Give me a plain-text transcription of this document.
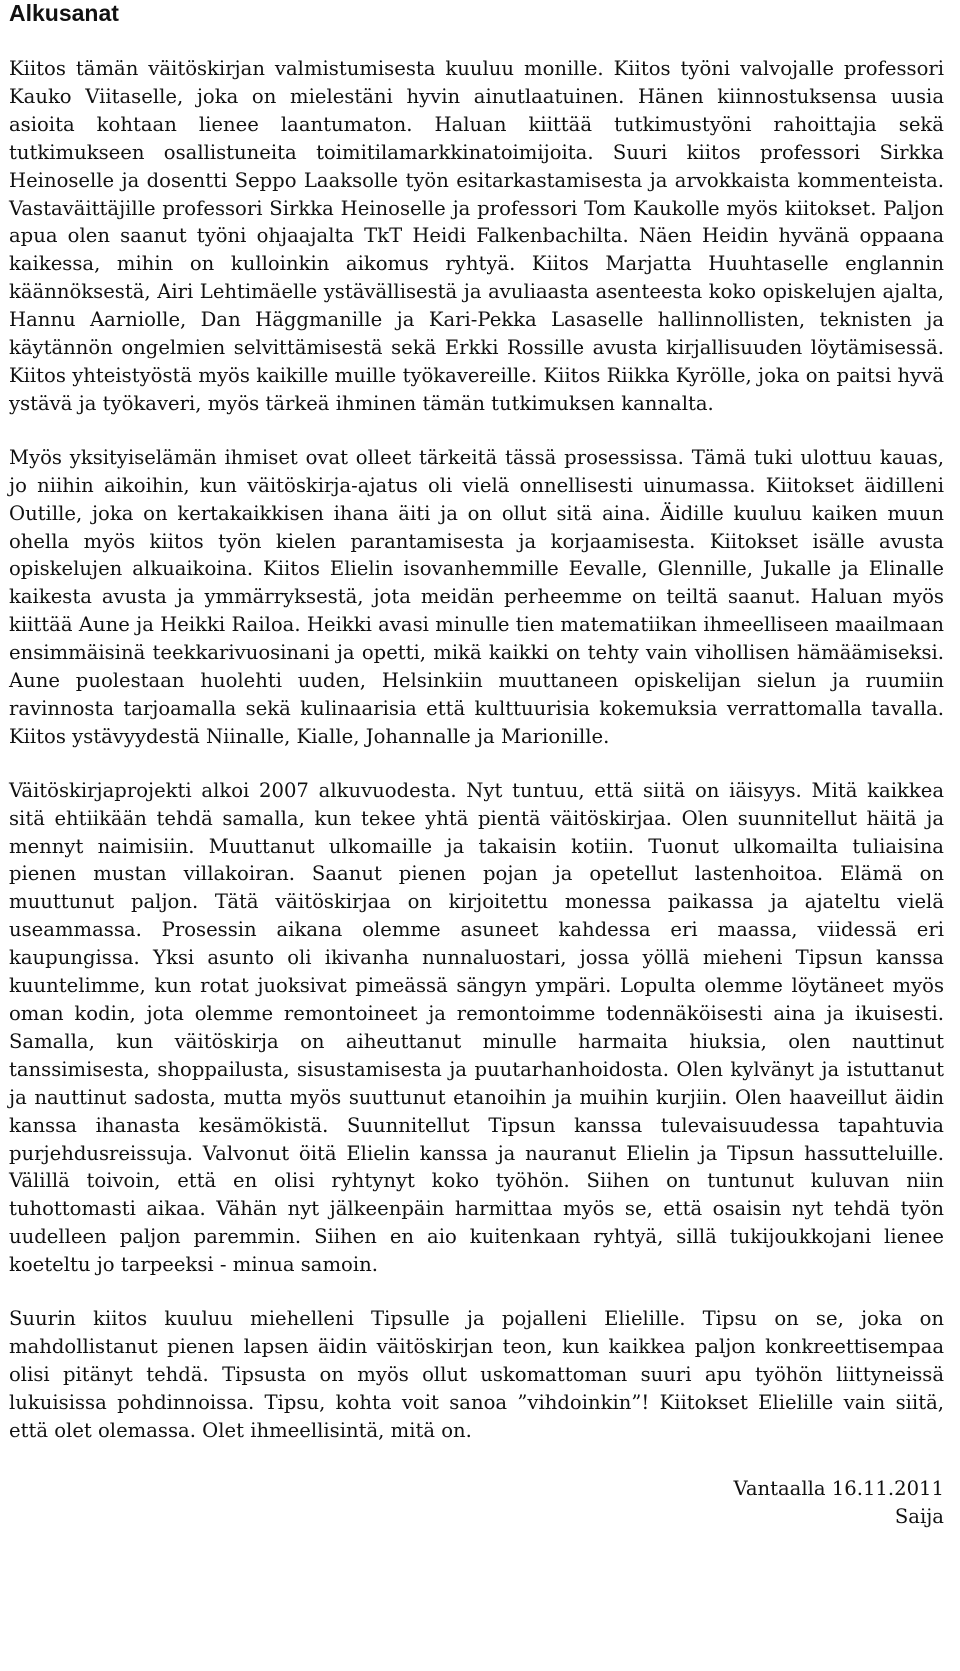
Alkusanat

Kiitos tämän väitöskirjan valmistumisesta kuuluu monille. Kiitos työni valvojalle professori Kauko Viitaselle, joka on mielestäni hyvin ainutlaatuinen. Hänen kiinnostuksensa uusia asioita kohtaan lienee laantumaton. Haluan kiittää tutkimustyöni rahoittajia sekä tutkimukseen osallistuneita toimitilamarkkinatoimijoita. Suuri kiitos professori Sirkka Heinoselle ja dosentti Seppo Laaksolle työn esitarkastamisesta ja arvokkaista kommenteista. Vastaväittäjille professori Sirkka Heinoselle ja professori Tom Kaukolle myös kiitokset. Paljon apua olen saanut työni ohjaajalta TkT Heidi Falkenbachilta. Näen Heidin hyvänä oppaana kaikessa, mihin on kulloinkin aikomus ryhtyä. Kiitos Marjatta Huuhtaselle englannin käännöksestä, Airi Lehtimäelle ystävällisestä ja avuliaasta asenteesta koko opiskelujen ajalta, Hannu Aarniolle, Dan Häggmanille ja Kari-Pekka Lasaselle hallinnollisten, teknisten ja käytännön ongelmien selvittämisestä sekä Erkki Rossille avusta kirjallisuuden löytämisessä. Kiitos yhteistyöstä myös kaikille muille työkavereille. Kiitos Riikka Kyrölle, joka on paitsi hyvä ystävä ja työkaveri, myös tärkeä ihminen tämän tutkimuksen kannalta.

Myös yksityiselämän ihmiset ovat olleet tärkeitä tässä prosessissa. Tämä tuki ulottuu kauas, jo niihin aikoihin, kun väitöskirja-ajatus oli vielä onnellisesti uinumassa. Kiitokset äidilleni Outille, joka on kertakaikkisen ihana äiti ja on ollut sitä aina. Äidille kuuluu kaiken muun ohella myös kiitos työn kielen parantamisesta ja korjaamisesta. Kiitokset isälle avusta opiskelujen alkuaikoina. Kiitos Elielin isovanhemmille Eevalle, Glennille, Jukalle ja Elinalle kaikesta avusta ja ymmärryksestä, jota meidän perheemme on teiltä saanut. Haluan myös kiittää Aune ja Heikki Railoa. Heikki avasi minulle tien matematiikan ihmeelliseen maailmaan ensimmäisinä teekkarivuosinani ja opetti, mikä kaikki on tehty vain vihollisen hämäämiseksi. Aune puolestaan huolehti uuden, Helsinkiin muuttaneen opiskelijan sielun ja ruumiin ravinnosta tarjoamalla sekä kulinaarisia että kulttuurisia kokemuksia verrattomalla tavalla. Kiitos ystävyydestä Niinalle, Kialle, Johannalle ja Marionille.

Väitöskirjaprojekti alkoi 2007 alkuvuodesta. Nyt tuntuu, että siitä on iäisyys. Mitä kaikkea sitä ehtiikään tehdä samalla, kun tekee yhtä pientä väitöskirjaa. Olen suunnitellut häitä ja mennyt naimisiin. Muuttanut ulkomaille ja takaisin kotiin. Tuonut ulkomailta tuliaisina pienen mustan villakoiran. Saanut pienen pojan ja opetellut lastenhoitoa. Elämä on muuttunut paljon. Tätä väitöskirjaa on kirjoitettu monessa paikassa ja ajateltu vielä useammassa. Prosessin aikana olemme asuneet kahdessa eri maassa, viidessä eri kaupungissa. Yksi asunto oli ikivanha nunnaluostari, jossa yöllä mieheni Tipsun kanssa kuuntelimme, kun rotat juoksivat pimeässä sängyn ympäri. Lopulta olemme löytäneet myös oman kodin, jota olemme remontoineet ja remontoimme todennäköisesti aina ja ikuisesti. Samalla, kun väitöskirja on aiheuttanut minulle harmaita hiuksia, olen nauttinut tanssimisesta, shoppailusta, sisustamisesta ja puutarhanhoidosta. Olen kylvänyt ja istuttanut ja nauttinut sadosta, mutta myös suuttunut etanoihin ja muihin kurjiin. Olen haaveillut äidin kanssa ihanasta kesämökistä. Suunnitellut Tipsun kanssa tulevaisuudessa tapahtuvia purjehdusreissuja. Valvonut öitä Elielin kanssa ja nauranut Elielin ja Tipsun hassutteluille. Välillä toivoin, että en olisi ryhtynyt koko työhön. Siihen on tuntunut kuluvan niin tuhottomasti aikaa. Vähän nyt jälkeenpäin harmittaa myös se, että osaisin nyt tehdä työn uudelleen paljon paremmin. Siihen en aio kuitenkaan ryhtyä, sillä tukijoukkojani lienee koeteltu jo tarpeeksi - minua samoin.

Suurin kiitos kuuluu miehelleni Tipsulle ja pojalleni Elielille. Tipsu on se, joka on mahdollistanut pienen lapsen äidin väitöskirjan teon, kun kaikkea paljon konkreettisempaa olisi pitänyt tehdä. Tipsusta on myös ollut uskomattoman suuri apu työhön liittyneissä lukuisissa pohdinnoissa. Tipsu, kohta voit sanoa ”vihdoinkin”! Kiitokset Elielille vain siitä, että olet olemassa. Olet ihmeellisintä, mitä on.

Vantaalla 16.11.2011

Saija
